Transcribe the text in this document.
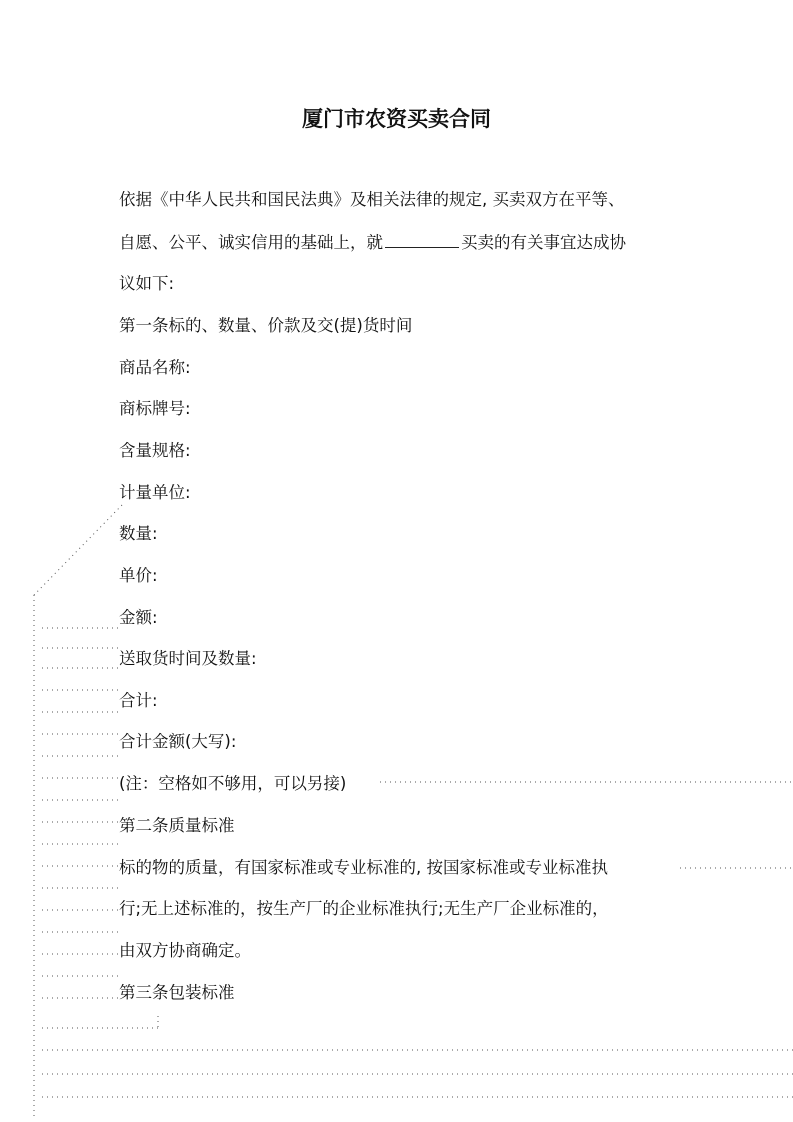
厦门市农资买卖合同
依据《中华人民共和国民法典》及相关法律的规定, 买卖双方在平等、
自愿、公平、诚实信用的基础上，就	买卖的有关事宜达成协
议如下:
第一条标的、数量、价款及交(提)货时间
商品名称:
商标牌号:
含量规格:
计量单位:
数量:
单价:
金额:
送取货时间及数量:
合计:
合计金额(大写):
(注：空格如不够用，可以另接)
第二条质量标准
标的物的质量，有国家标准或专业标准的, 按国家标准或专业标准执
行;无上述标准的，按生产厂的企业标准执行;无生产厂企业标准的，
由双方协商确定。
第三条包装标准
